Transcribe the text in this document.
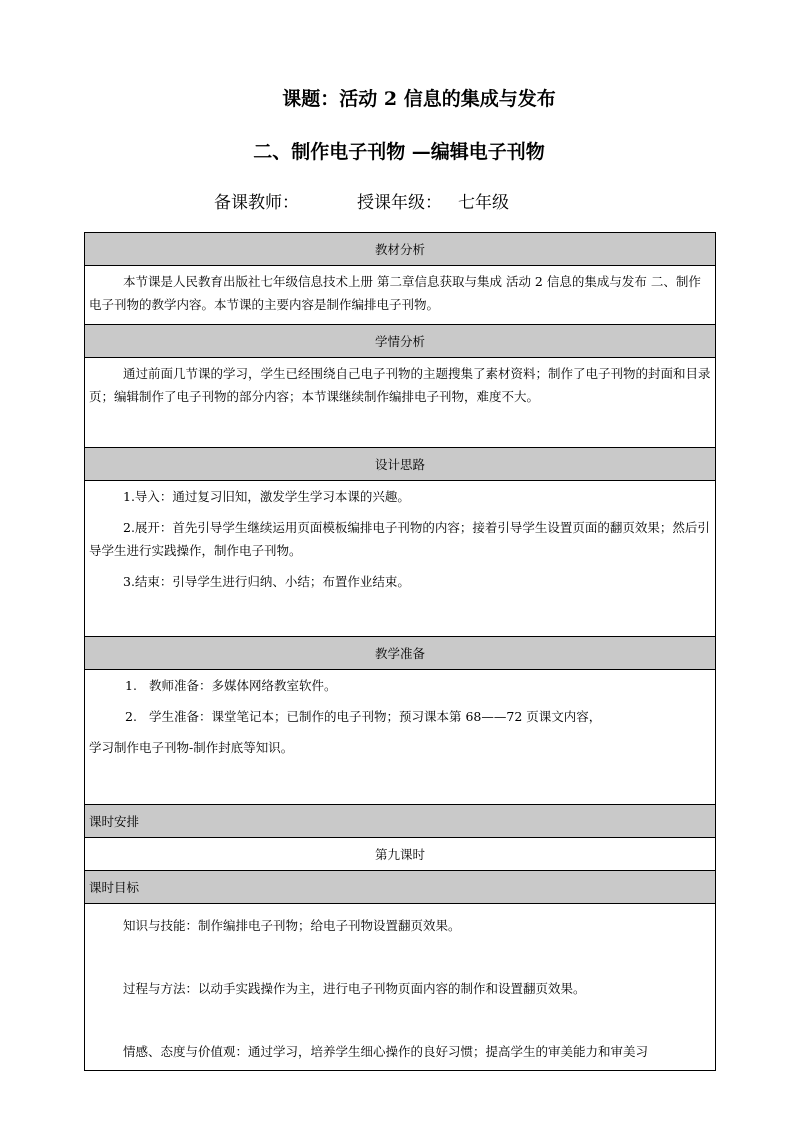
课题：活动 2 信息的集成与发布
二、制作电子刊物 —编辑电子刊物
备课教师：	授课年级： 七年级
教材分析

本节课是人民教育出版社七年级信息技术上册 第二章信息获取与集成 活动 2 信息的集成与发布 二、制作电子刊物的教学内容。本节课的主要内容是制作编排电子刊物。

学情分析

通过前面几节课的学习，学生已经围绕自己电子刊物的主题搜集了素材资料；制作了电子刊物的封面和目录页；编辑制作了电子刊物的部分内容；本节课继续制作编排电子刊物，难度不大。

设计思路

1.导入：通过复习旧知，激发学生学习本课的兴趣。

2.展开：首先引导学生继续运用页面模板编排电子刊物的内容；接着引导学生设置页面的翻页效果；然后引导学生进行实践操作，制作电子刊物。

3.结束：引导学生进行归纳、小结；布置作业结束。

教学准备

1. 教师准备：多媒体网络教室软件。

2. 学生准备：课堂笔记本；已制作的电子刊物；预习课本第 68——72 页课文内容，

学习制作电子刊物-制作封底等知识。

课时安排
第九课时
课时目标

知识与技能：制作编排电子刊物；给电子刊物设置翻页效果。

过程与方法：以动手实践操作为主，进行电子刊物页面内容的制作和设置翻页效果。

情感、态度与价值观：通过学习，培养学生细心操作的良好习惯；提高学生的审美能力和审美习
